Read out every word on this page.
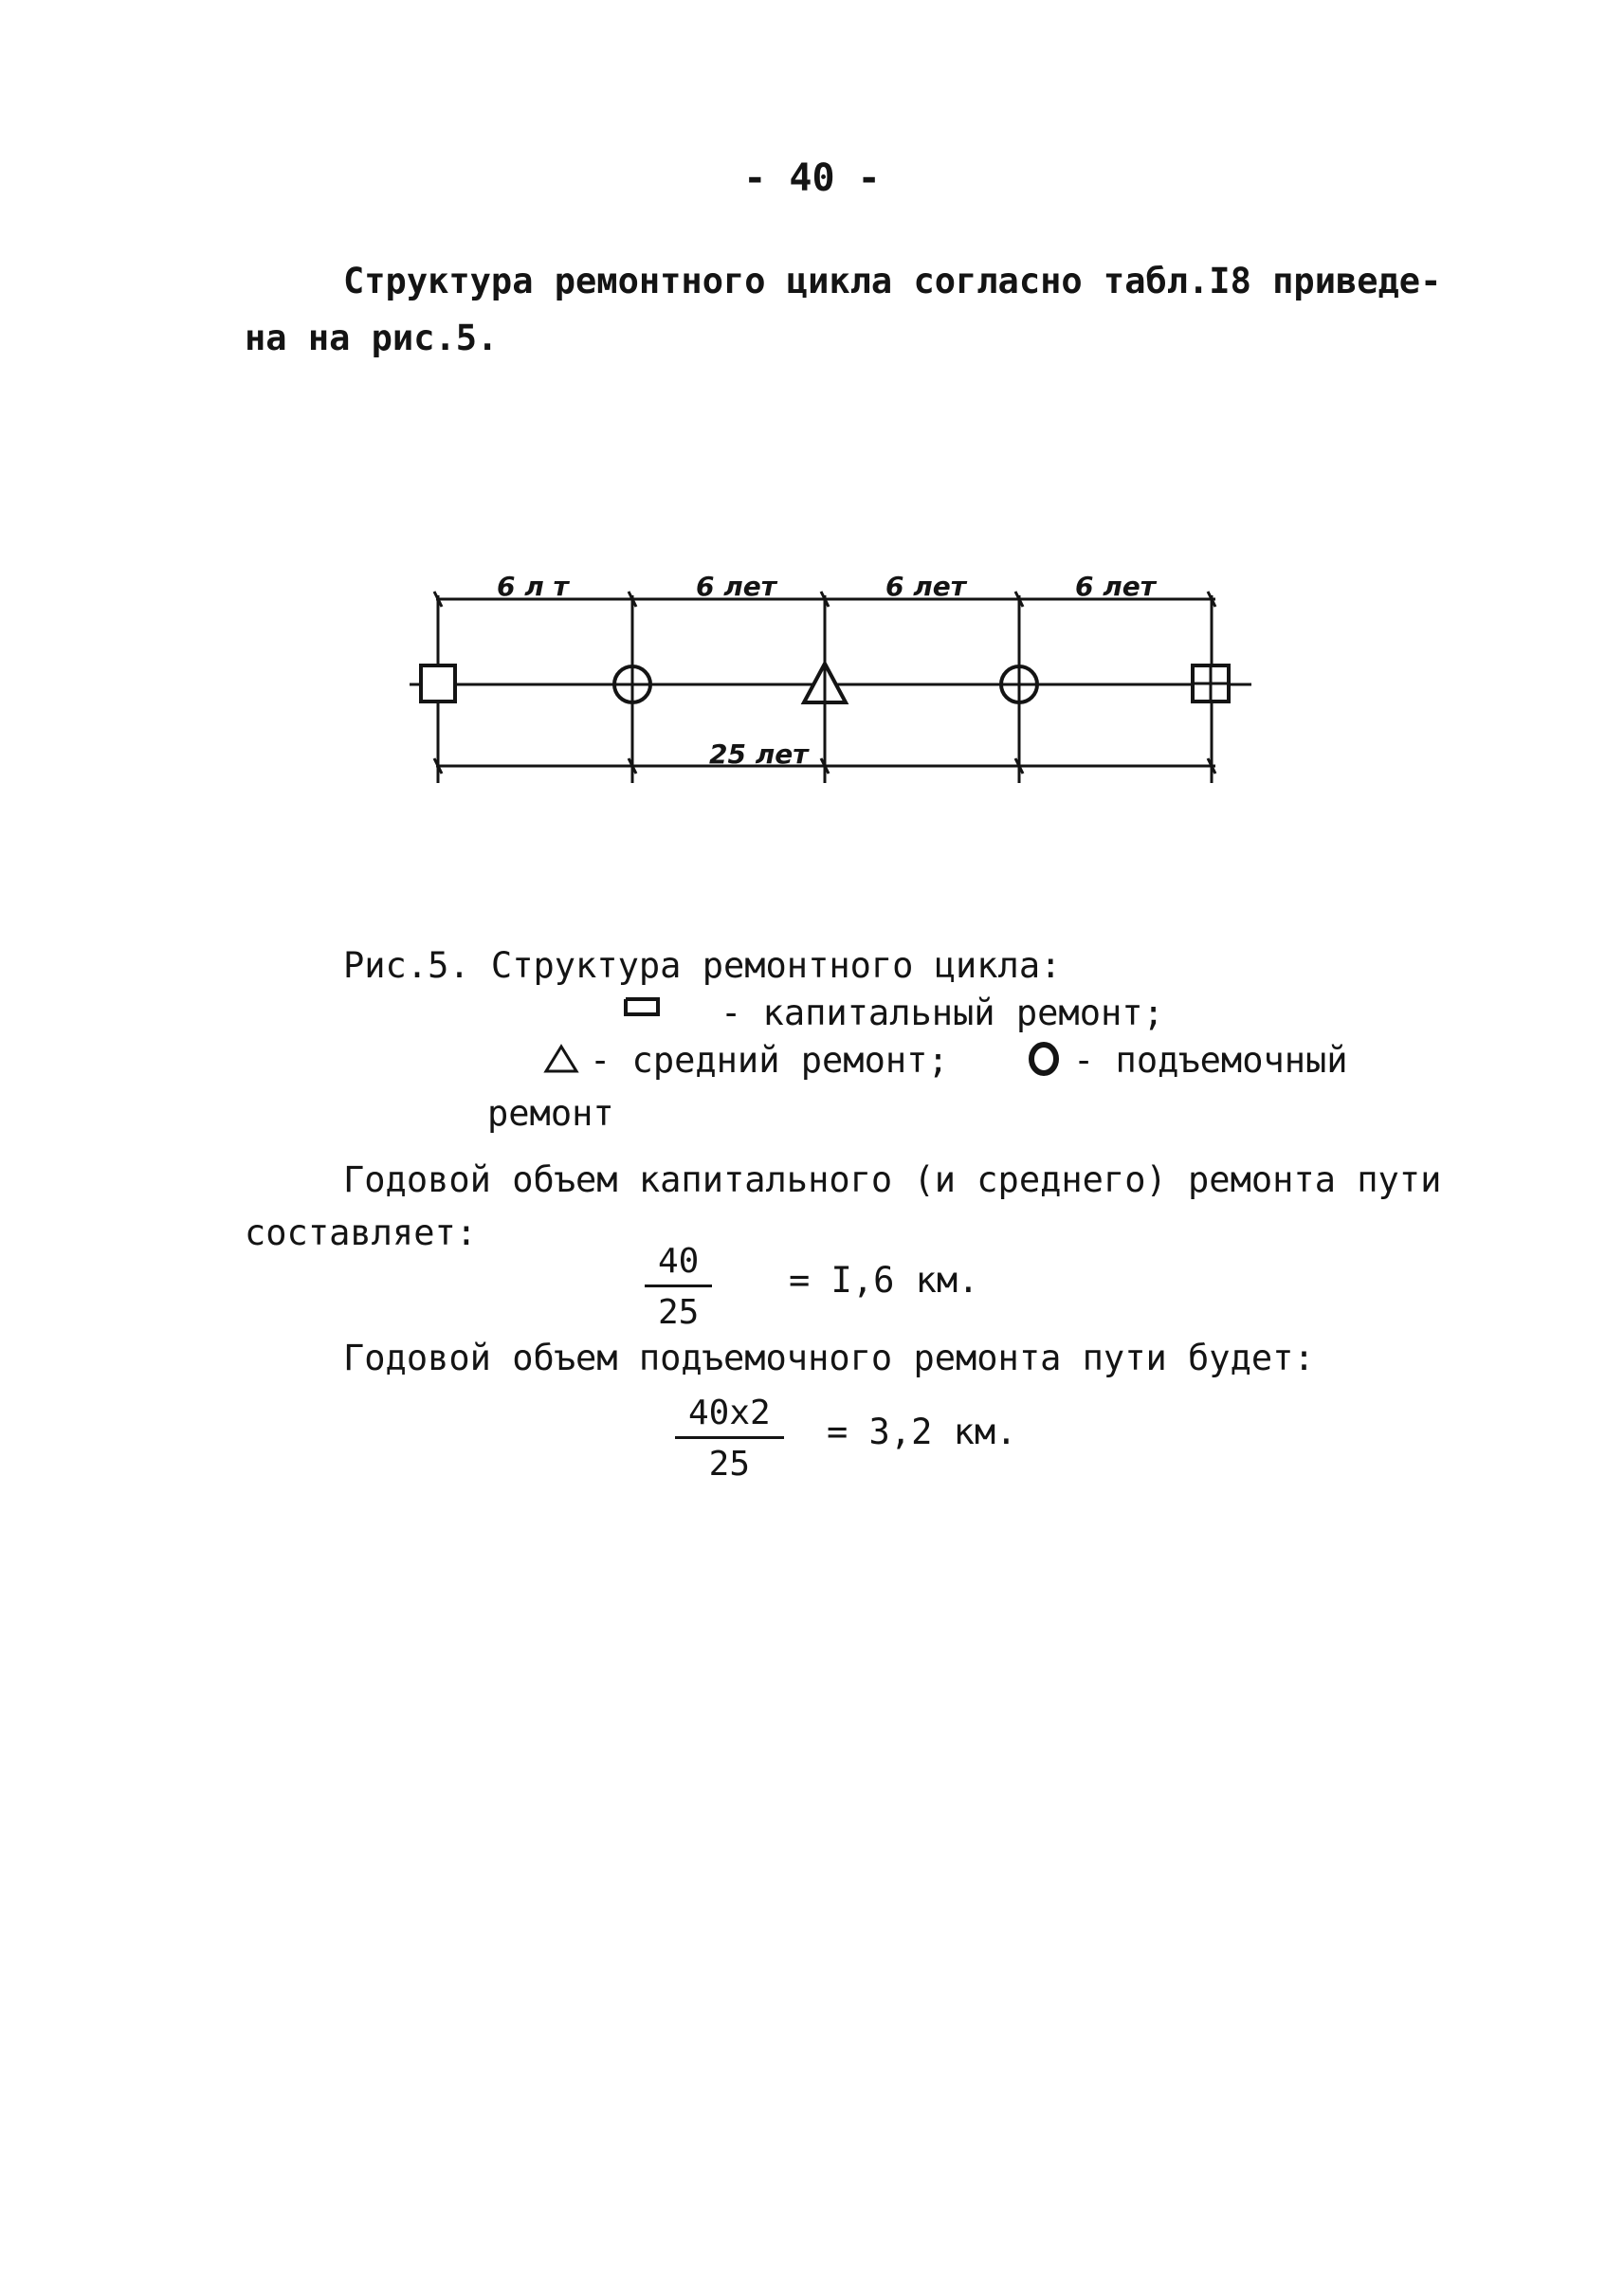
- 40 -
Структура ремонтного цикла согласно табл.I8 приведе-
на на рис.5.
6 л т	6 лет	6 лет	6 лет
25 лет
Рис.5. Структура ремонтного цикла:
- капитальный ремонт;
- средний ремонт;	- подъемочный
ремонт
Годовой объем капитального (и среднего) ремонта пути
составляет:
$\frac{40}{25} = I,6$ км.
Годовой объем подъемочного ремонта пути будет:
$\frac{40x2}{25} = 3,2$ км.
